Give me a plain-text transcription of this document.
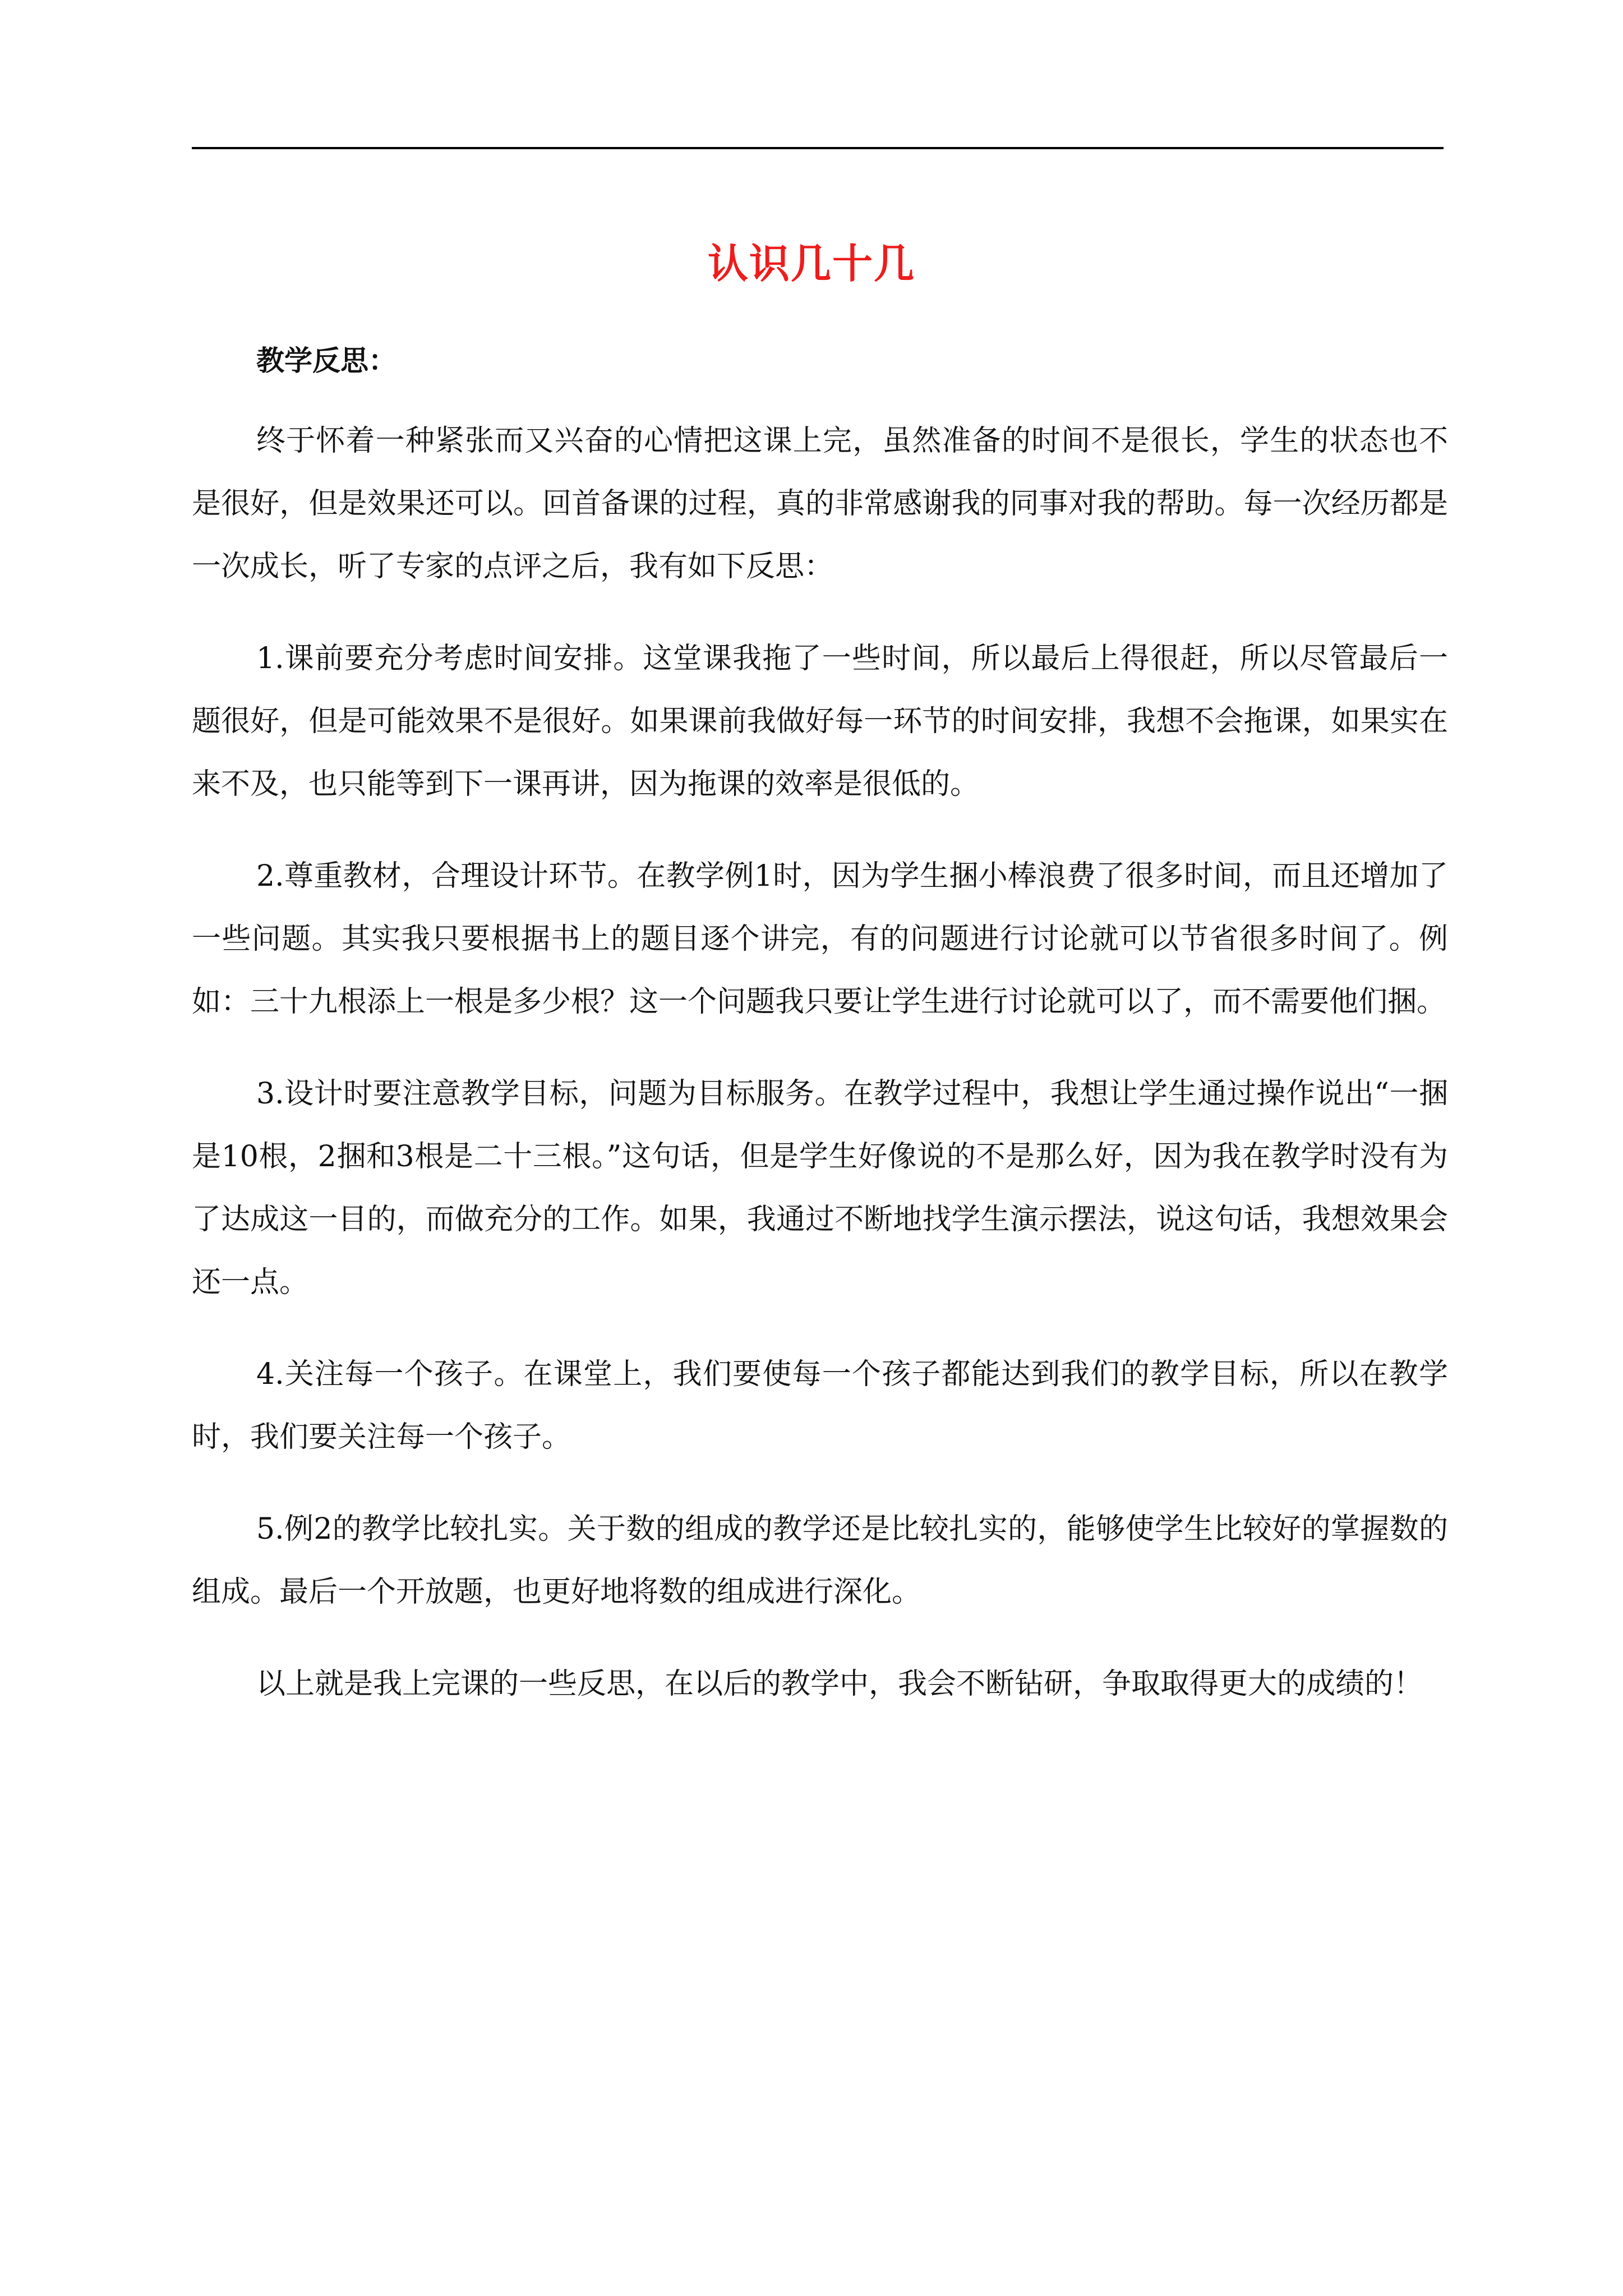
认识几十几
教学反思：

终于怀着一种紧张而又兴奋的心情把这课上完，虽然准备的时间不是很长，学生的状态也不是很好，但是效果还可以。回首备课的过程，真的非常感谢我的同事对我的帮助。每一次经历都是一次成长，听了专家的点评之后，我有如下反思：

1.课前要充分考虑时间安排。这堂课我拖了一些时间，所以最后上得很赶，所以尽管最后一题很好，但是可能效果不是很好。如果课前我做好每一环节的时间安排，我想不会拖课，如果实在来不及，也只能等到下一课再讲，因为拖课的效率是很低的。

2.尊重教材，合理设计环节。在教学例1时，因为学生捆小棒浪费了很多时间，而且还增加了一些问题。其实我只要根据书上的题目逐个讲完，有的问题进行讨论就可以节省很多时间了。例如：三十九根添上一根是多少根？这一个问题我只要让学生进行讨论就可以了，而不需要他们捆。

3.设计时要注意教学目标，问题为目标服务。在教学过程中，我想让学生通过操作说出“一捆是10根，2捆和3根是二十三根。”这句话，但是学生好像说的不是那么好，因为我在教学时没有为了达成这一目的，而做充分的工作。如果，我通过不断地找学生演示摆法，说这句话，我想效果会还一点。

4.关注每一个孩子。在课堂上，我们要使每一个孩子都能达到我们的教学目标，所以在教学时，我们要关注每一个孩子。

5.例2的教学比较扎实。关于数的组成的教学还是比较扎实的，能够使学生比较好的掌握数的组成。最后一个开放题，也更好地将数的组成进行深化。

以上就是我上完课的一些反思，在以后的教学中，我会不断钻研，争取取得更大的成绩的！
